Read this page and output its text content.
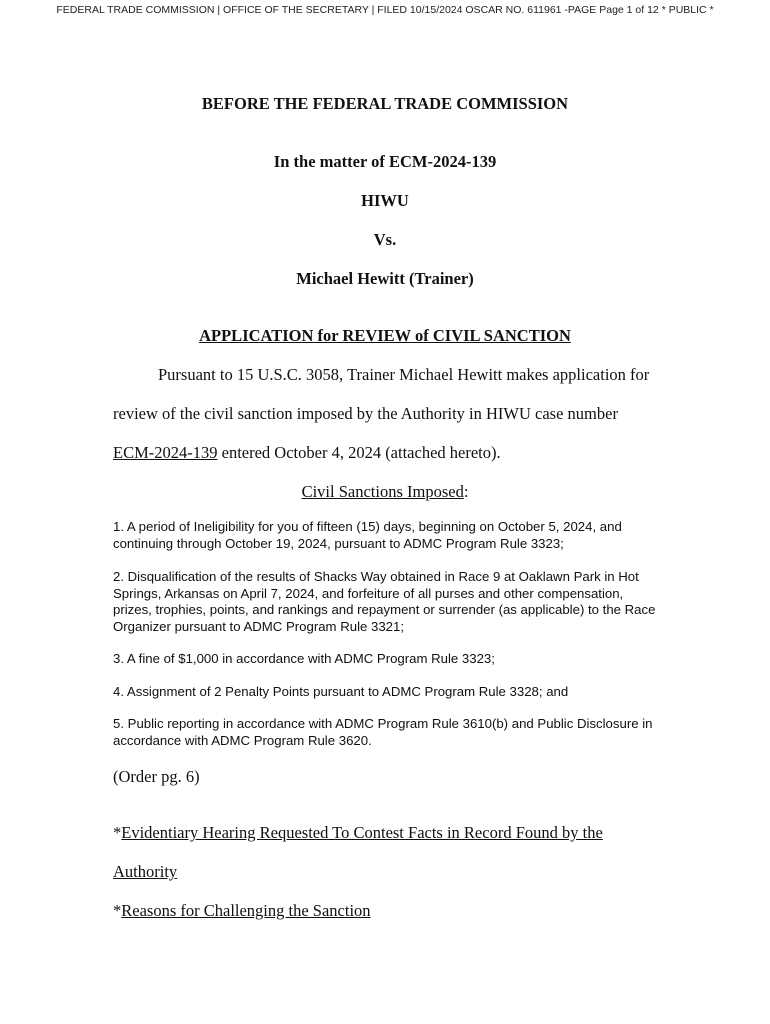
FEDERAL TRADE COMMISSION | OFFICE OF THE SECRETARY | FILED 10/15/2024 OSCAR NO. 611961 -PAGE Page 1 of 12 * PUBLIC *
BEFORE THE FEDERAL TRADE COMMISSION
In the matter of ECM-2024-139
HIWU
Vs.
Michael Hewitt (Trainer)
APPLICATION for REVIEW of CIVIL SANCTION
Pursuant to 15 U.S.C. 3058, Trainer Michael Hewitt makes application for
review of the civil sanction imposed by the Authority in HIWU case number
ECM-2024-139 entered October 4, 2024 (attached hereto).
Civil Sanctions Imposed:
1. A period of Ineligibility for you of fifteen (15) days, beginning on October 5, 2024, and continuing through October 19, 2024, pursuant to ADMC Program Rule 3323;
2. Disqualification of the results of Shacks Way obtained in Race 9 at Oaklawn Park in Hot Springs, Arkansas on April 7, 2024, and forfeiture of all purses and other compensation, prizes, trophies, points, and rankings and repayment or surrender (as applicable) to the Race Organizer pursuant to ADMC Program Rule 3321;
3. A fine of $1,000 in accordance with ADMC Program Rule 3323;
4. Assignment of 2 Penalty Points pursuant to ADMC Program Rule 3328; and
5. Public reporting in accordance with ADMC Program Rule 3610(b) and Public Disclosure in accordance with ADMC Program Rule 3620.
(Order pg. 6)
*Evidentiary Hearing Requested To Contest Facts in Record Found by the
Authority
*Reasons for Challenging the Sanction
